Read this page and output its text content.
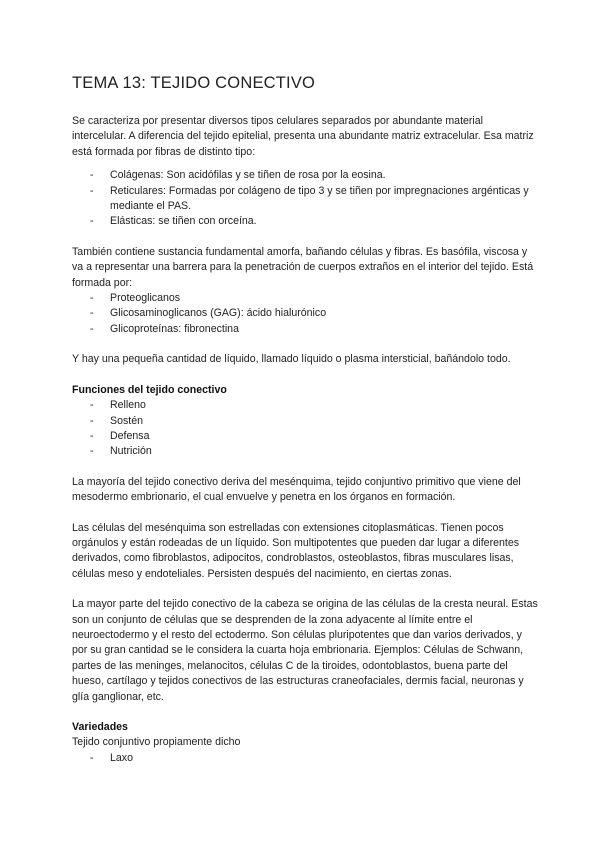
TEMA 13: TEJIDO CONECTIVO

Se caracteriza por presentar diversos tipos celulares separados por abundante material intercelular. A diferencia del tejido epitelial, presenta una abundante matriz extracelular. Esa matriz está formada por fibras de distinto tipo:

- Colágenas: Son acidófilas y se tiñen de rosa por la eosina.
- Reticulares: Formadas por colágeno de tipo 3 y se tiñen por impregnaciones argénticas y mediante el PAS.
- Elásticas: se tiñen con orceína.

También contiene sustancia fundamental amorfa, bañando células y fibras. Es basófila, viscosa y va a representar una barrera para la penetración de cuerpos extraños en el interior del tejido. Está formada por:

- Proteoglicanos
- Glicosaminoglicanos (GAG): ácido hialurónico
- Glicoproteínas: fibronectina

Y hay una pequeña cantidad de líquido, llamado líquido o plasma intersticial, bañándolo todo.

Funciones del tejido conectivo
- Relleno
- Sostén
- Defensa
- Nutrición

La mayoría del tejido conectivo deriva del mesénquima, tejido conjuntivo primitivo que viene del mesodermo embrionario, el cual envuelve y penetra en los órganos en formación.

Las células del mesénquima son estrelladas con extensiones citoplasmáticas. Tienen pocos orgánulos y están rodeadas de un líquido. Son multipotentes que pueden dar lugar a diferentes derivados, como fibroblastos, adipocitos, condroblastos, osteoblastos, fibras musculares lisas, células meso y endoteliales. Persisten después del nacimiento, en ciertas zonas.

La mayor parte del tejido conectivo de la cabeza se origina de las células de la cresta neural. Estas son un conjunto de células que se desprenden de la zona adyacente al límite entre el neuroectodermo y el resto del ectodermo. Son células pluripotentes que dan varios derivados, y por su gran cantidad se le considera la cuarta hoja embrionaria. Ejemplos: Células de Schwann, partes de las meninges, melanocitos, células C de la tiroides, odontoblastos, buena parte del hueso, cartílago y tejidos conectivos de las estructuras craneofaciales, dermis facial, neuronas y glía ganglionar, etc.

Variedades

Tejido conjuntivo propiamente dicho

- Laxo
